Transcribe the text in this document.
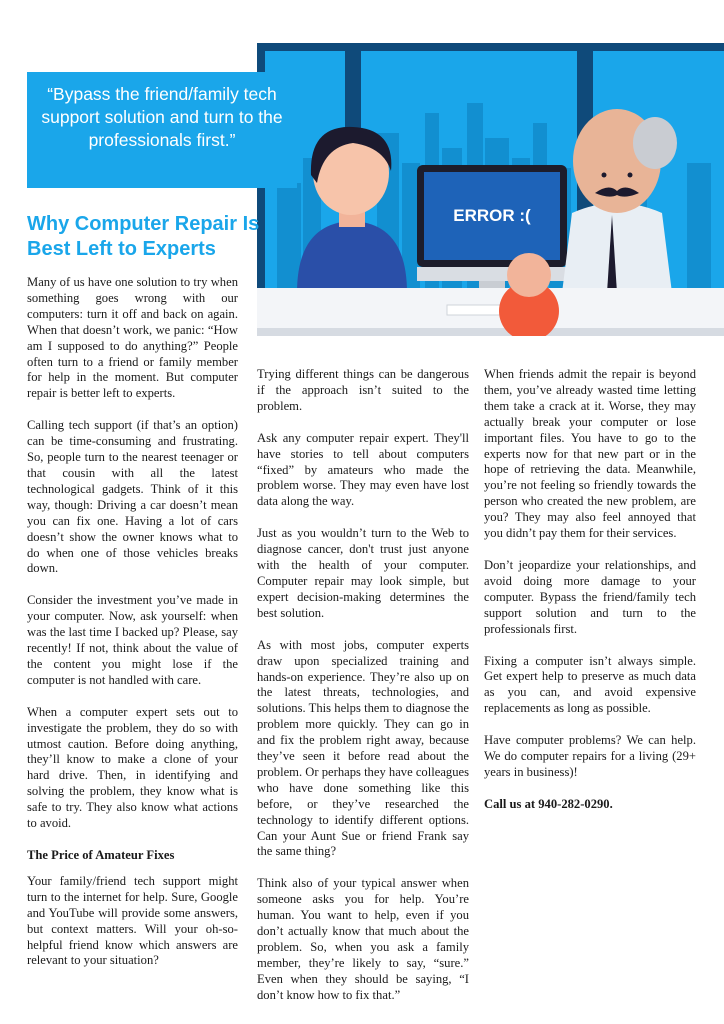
ERROR :(
“Bypass the friend/family tech support solution and turn to the professionals first.”
Why Computer Repair Is Best Left to Experts

Many of us have one solution to try when something goes wrong with our computers: turn it off and back on again. When that doesn’t work, we panic: “How am I supposed to do anything?” People often turn to a friend or family member for help in the moment. But computer repair is better left to experts.

Calling tech support (if that’s an option) can be time-consuming and frustrating. So, people turn to the nearest teenager or that cousin with all the latest technological gadgets. Think of it this way, though: Driving a car doesn’t mean you can fix one. Having a lot of cars doesn’t show the owner knows what to do when one of those vehicles breaks down.

Consider the investment you’ve made in your computer. Now, ask yourself: when was the last time I backed up? Please, say recently! If not, think about the value of the content you might lose if the computer is not handled with care.

When a computer expert sets out to investigate the problem, they do so with utmost caution. Before doing anything, they’ll know to make a clone of your hard drive. Then, in identifying and solving the problem, they know what is safe to try. They also know what actions to avoid.

The Price of Amateur Fixes

Your family/friend tech support might turn to the internet for help. Sure, Google and YouTube will provide some answers, but context matters. Will your oh-so-helpful friend know which answers are relevant to your situation?

Trying different things can be dangerous if the approach isn’t suited to the problem.

Ask any computer repair expert. They'll have stories to tell about computers “fixed” by amateurs who made the problem worse. They may even have lost data along the way.

Just as you wouldn’t turn to the Web to diagnose cancer, don't trust just anyone with the health of your computer. Computer repair may look simple, but expert decision-making determines the best solution.

As with most jobs, computer experts draw upon specialized training and hands-on experience. They’re also up on the latest threats, technologies, and solutions. This helps them to diagnose the problem more quickly. They can go in and fix the problem right away, because they’ve seen it before read about the problem. Or perhaps they have colleagues who have done something like this before, or they’ve researched the technology to identify different options. Can your Aunt Sue or friend Frank say the same thing?

Think also of your typical answer when someone asks you for help. You’re human. You want to help, even if you don’t actually know that much about the problem. So, when you ask a family member, they’re likely to say, “sure.” Even when they should be saying, “I don’t know how to fix that.”

When friends admit the repair is beyond them, you’ve already wasted time letting them take a crack at it. Worse, they may actually break your computer or lose important files. You have to go to the experts now for that new part or in the hope of retrieving the data. Meanwhile, you’re not feeling so friendly towards the person who created the new problem, are you? They may also feel annoyed that you didn’t pay them for their services.

Don’t jeopardize your relationships, and avoid doing more damage to your computer. Bypass the friend/family tech support solution and turn to the professionals first.

Fixing a computer isn’t always simple. Get expert help to preserve as much data as you can, and avoid expensive replacements as long as possible.

Have computer problems? We can help. We do computer repairs for a living (29+ years in business)!

Call us at 940-282-0290.
